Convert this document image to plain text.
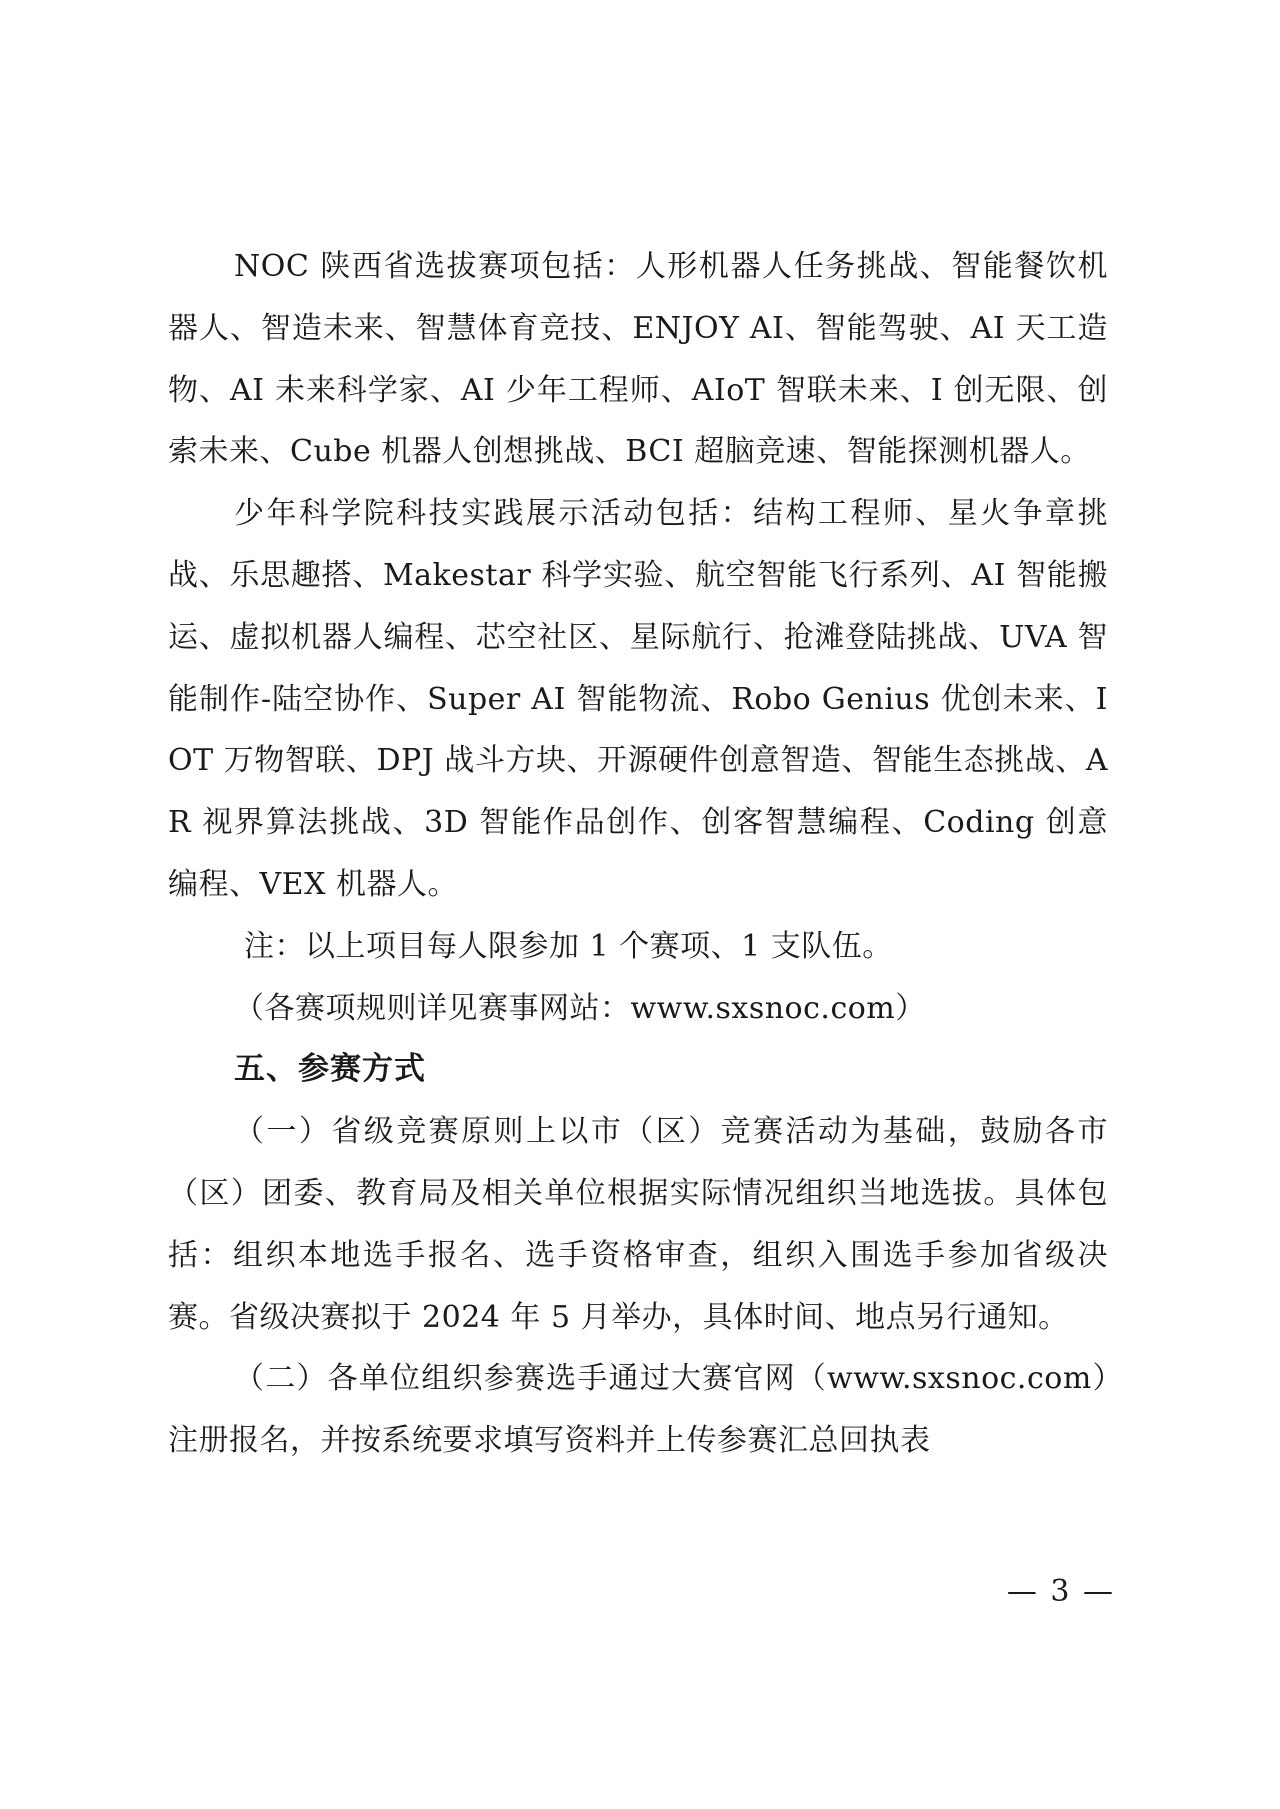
NOC 陕西省选拔赛项包括：人形机器人任务挑战、智能餐饮机器人、智造未来、智慧体育竞技、ENJOY AI、智能驾驶、AI 天工造物、AI 未来科学家、AI 少年工程师、AIoT 智联未来、I 创无限、创索未来、Cube 机器人创想挑战、BCI 超脑竞速、智能探测机器人。

少年科学院科技实践展示活动包括：结构工程师、星火争章挑战、乐思趣搭、Makestar 科学实验、航空智能飞行系列、AI 智能搬运、虚拟机器人编程、芯空社区、星际航行、抢滩登陆挑战、UVA 智能制作-陆空协作、Super AI 智能物流、Robo Genius 优创未来、IOT 万物智联、DPJ 战斗方块、开源硬件创意智造、智能生态挑战、AR 视界算法挑战、3D 智能作品创作、创客智慧编程、Coding 创意编程、VEX 机器人。

注：以上项目每人限参加 1 个赛项、1 支队伍。

（各赛项规则详见赛事网站：www.sxsnoc.com）

五、参赛方式

（一）省级竞赛原则上以市（区）竞赛活动为基础，鼓励各市（区）团委、教育局及相关单位根据实际情况组织当地选拔。具体包括：组织本地选手报名、选手资格审查，组织入围选手参加省级决赛。省级决赛拟于 2024 年 5 月举办，具体时间、地点另行通知。

（二）各单位组织参赛选手通过大赛官网（www.sxsnoc.com）注册报名，并按系统要求填写资料并上传参赛汇总回执表

— 3 —
